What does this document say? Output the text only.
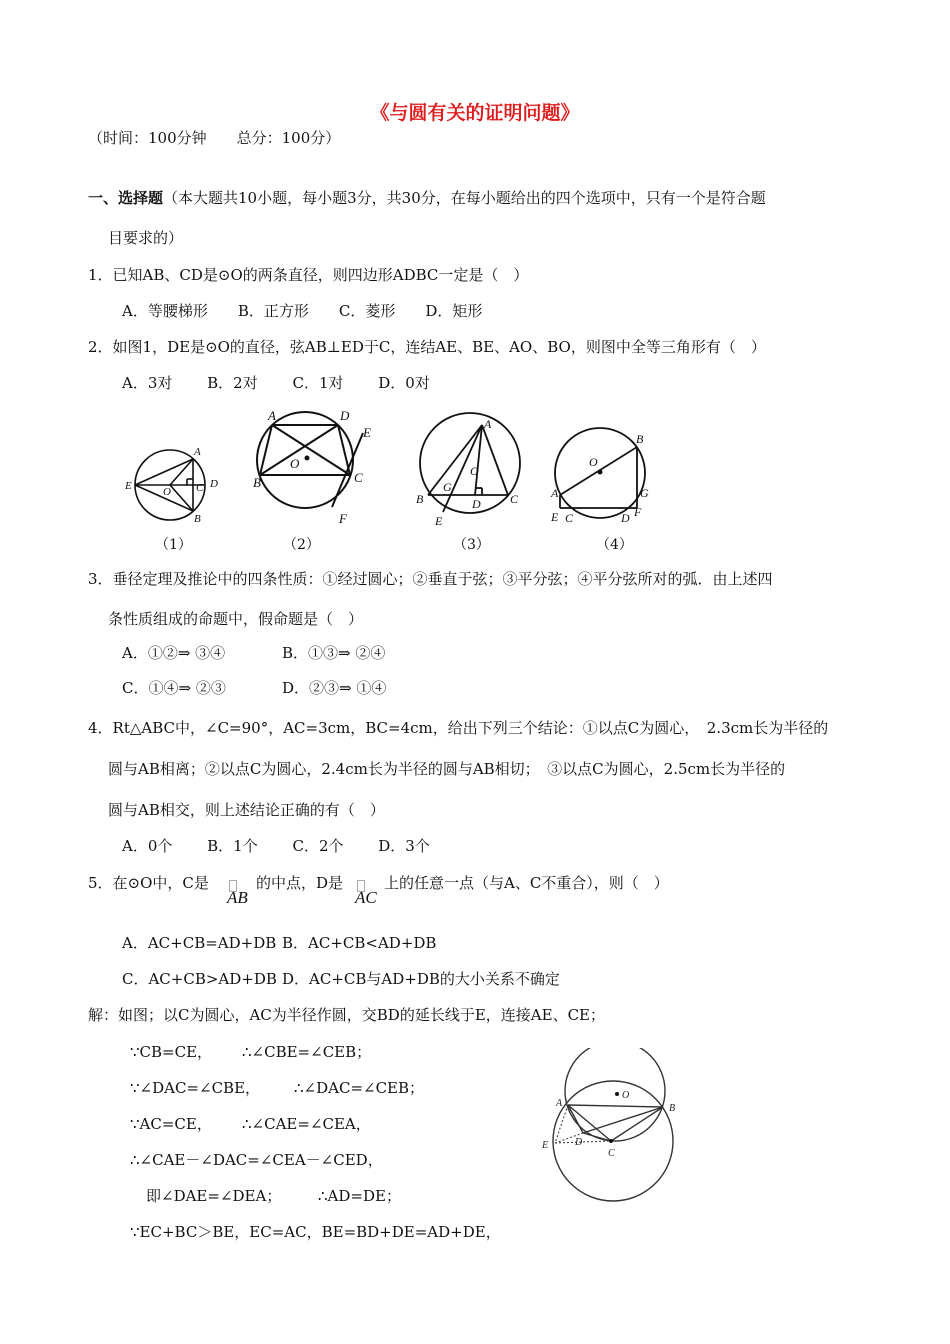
《与圆有关的证明问题》
（时间：100分钟　　总分：100分）
一、选择题（本大题共10小题，每小题3分，共30分，在每小题给出的四个选项中，只有一个是符合题
目要求的）
1．已知AB、CD是⊙O的两条直径，则四边形ADBC一定是（　）
A．等腰梯形　　B．正方形　　C．菱形　　D．矩形
2．如图1，DE是⊙O的直径，弦AB⊥ED于C，连结AE、BE、AO、BO，则图中全等三角形有（　）
A．3对　　 B．2对　　 C．1对　　 D．0对
A
B
C D
E	O
A	D
E
B	C
F
O
A
B	C
D
E
G
O
B
O
A	G
E C	D F
（1）	（2）	（3）	（4）
3．垂径定理及推论中的四条性质：①经过圆心；②垂直于弦；③平分弦；④平分弦所对的弧．由上述四
条性质组成的命题中，假命题是（　）
A．①②⇒ ③④	B．①③⇒ ②④
C．①④⇒ ②③	D．②③⇒ ①④
4．Rt△ABC中，∠C=90°，AC=3cm，BC=4cm，给出下列三个结论：①以点C为圆心，　2.3cm长为半径的
圆与AB相离；②以点C为圆心，2.4cm长为半径的圆与AB相切；　③以点C为圆心，2.5cm长为半径的
圆与AB相交，则上述结论正确的有（　）
A．0个　　 B．1个　　 C．2个　　 D．3个
5．在⊙O中，C是
AB
的中点，D是
AC
上的任意一点（与A、C不重合），则（　）
A．AC+CB=AD+DB B．AC+CB<AD+DB
C．AC+CB>AD+DB D．AC+CB与AD+DB的大小关系不确定
解：如图；以C为圆心，AC为半径作圆，交BD的延长线于E，连接AE、CE；
∵CB=CE， ∴∠CBE=∠CEB；
∵∠DAC=∠CBE， ∴∠DAC=∠CEB；
∵AC=CE， ∴∠CAE=∠CEA，
∴∠CAE－∠DAC=∠CEA－∠CED，
即∠DAE=∠DEA； ∴AD=DE；
∵EC+BC＞BE，EC=AC，BE=BD+DE=AD+DE，
A	B
C
D
E
O
